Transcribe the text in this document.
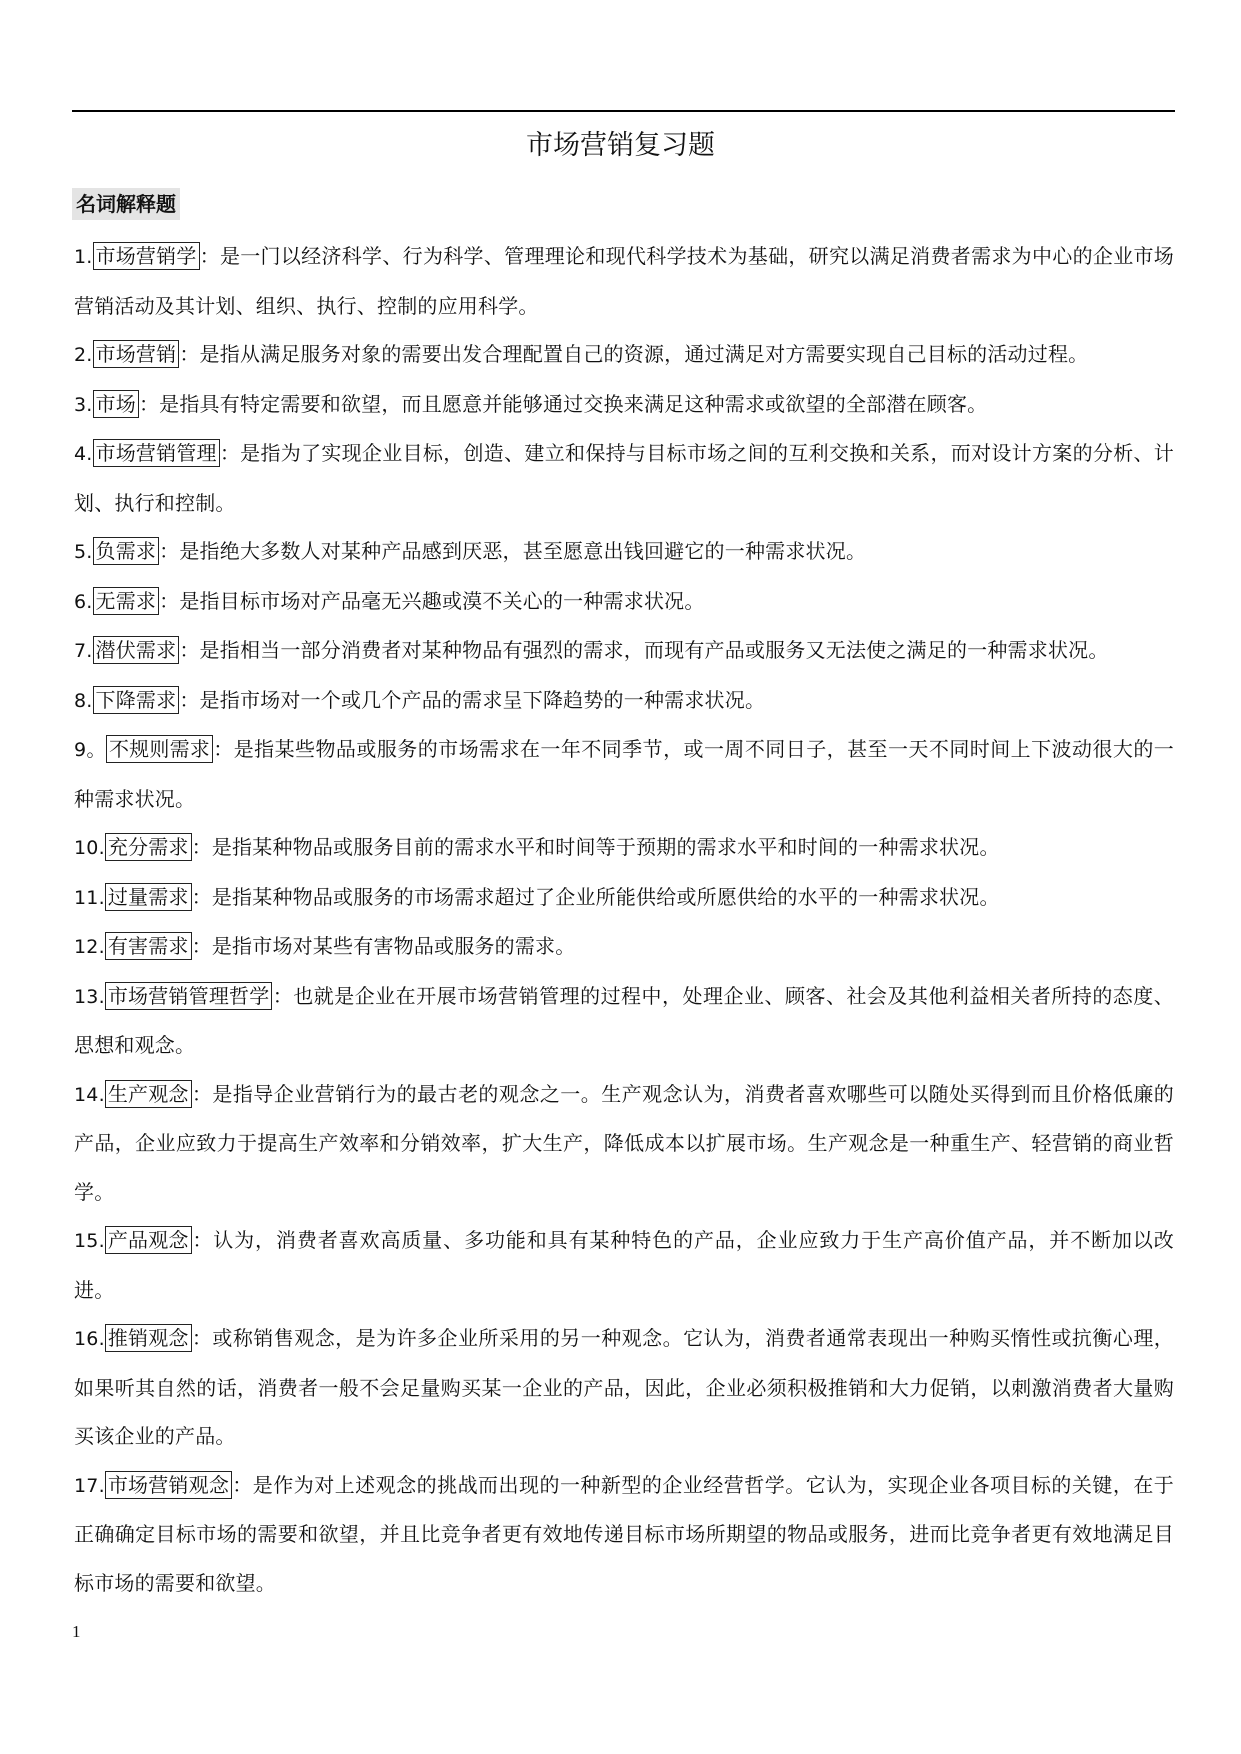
市场营销复习题
名词解释题
1. 市场营销学 ：是一门以经济科学、行为科学、管理理论和现代科学技术为基础，研究以满足消费者需求为中心的企业市场营销活动及其计划、组织、执行、控制的应用科学。
2. 市场营销 ：是指从满足服务对象的需要出发合理配置自己的资源，通过满足对方需要实现自己目标的活动过程。
3. 市场 ：是指具有特定需要和欲望，而且愿意并能够通过交换来满足这种需求或欲望的全部潜在顾客。
4. 市场营销管理 ：是指为了实现企业目标，创造、建立和保持与目标市场之间的互利交换和关系，而对设计方案的分析、计划、执行和控制。
5. 负需求 ：是指绝大多数人对某种产品感到厌恶，甚至愿意出钱回避它的一种需求状况。
6. 无需求 ：是指目标市场对产品毫无兴趣或漠不关心的一种需求状况。
7. 潜伏需求 ：是指相当一部分消费者对某种物品有强烈的需求，而现有产品或服务又无法使之满足的一种需求状况。
8. 下降需求 ：是指市场对一个或几个产品的需求呈下降趋势的一种需求状况。
9。 不规则需求 ：是指某些物品或服务的市场需求在一年不同季节，或一周不同日子，甚至一天不同时间上下波动很大的一种需求状况。
10. 充分需求 ：是指某种物品或服务目前的需求水平和时间等于预期的需求水平和时间的一种需求状况。
11. 过量需求 ：是指某种物品或服务的市场需求超过了企业所能供给或所愿供给的水平的一种需求状况。
12. 有害需求 ：是指市场对某些有害物品或服务的需求。
13. 市场营销管理哲学 ：也就是企业在开展市场营销管理的过程中，处理企业、顾客、社会及其他利益相关者所持的态度、思想和观念。
14. 生产观念 ：是指导企业营销行为的最古老的观念之一。生产观念认为，消费者喜欢哪些可以随处买得到而且价格低廉的产品，企业应致力于提高生产效率和分销效率，扩大生产，降低成本以扩展市场。生产观念是一种重生产、轻营销的商业哲学。
15. 产品观念 ：认为，消费者喜欢高质量、多功能和具有某种特色的产品，企业应致力于生产高价值产品，并不断加以改进。
16. 推销观念 ：或称销售观念，是为许多企业所采用的另一种观念。它认为，消费者通常表现出一种购买惰性或抗衡心理，如果听其自然的话，消费者一般不会足量购买某一企业的产品，因此，企业必须积极推销和大力促销，以刺激消费者大量购买该企业的产品。
17. 市场营销观念 ：是作为对上述观念的挑战而出现的一种新型的企业经营哲学。它认为，实现企业各项目标的关键，在于正确确定目标市场的需要和欲望，并且比竞争者更有效地传递目标市场所期望的物品或服务，进而比竞争者更有效地满足目标市场的需要和欲望。
1
